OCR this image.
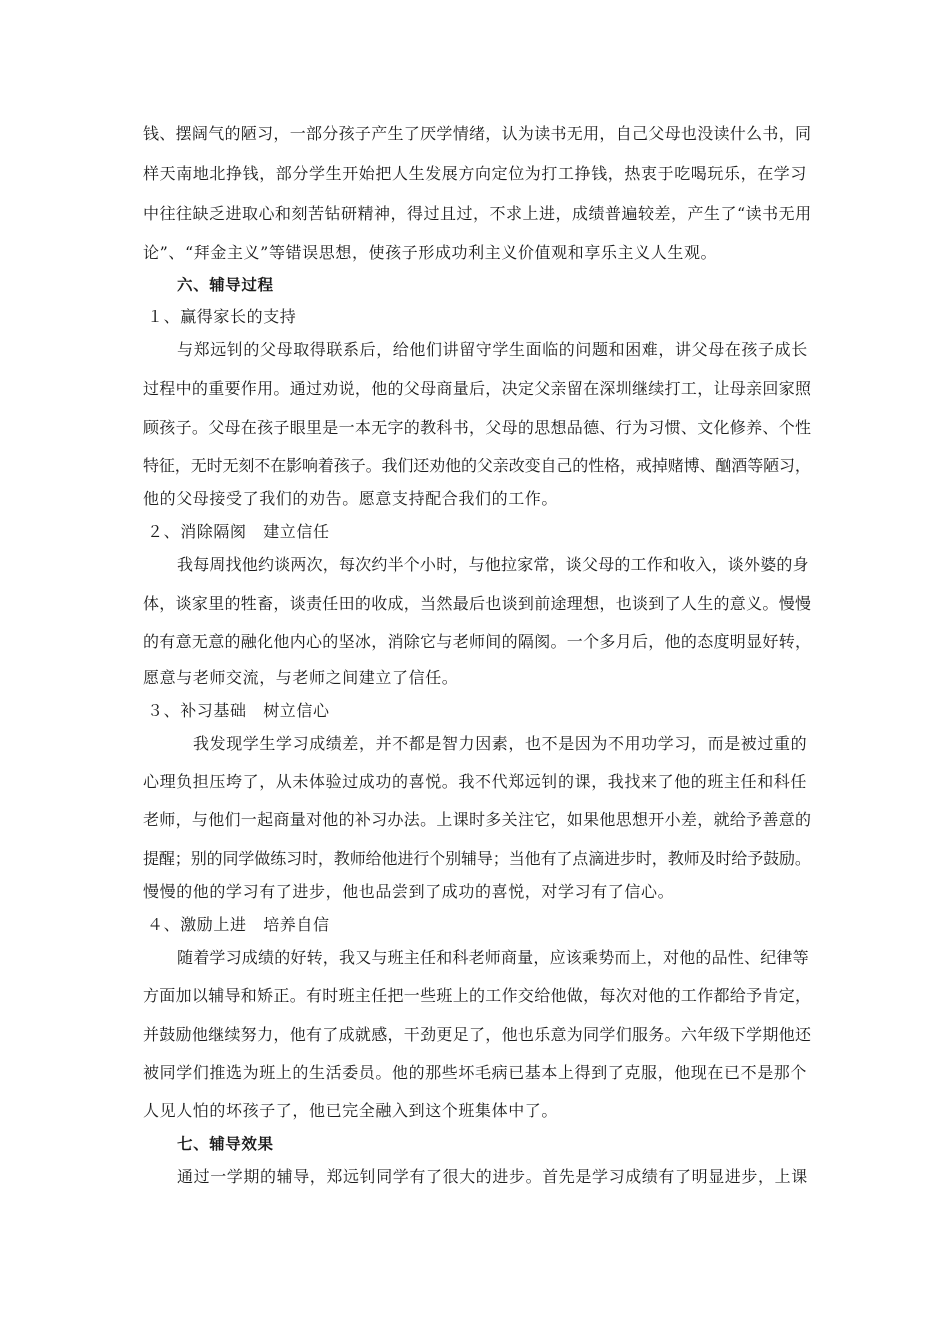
钱、摆阔气的陋习，一部分孩子产生了厌学情绪，认为读书无用，自己父母也没读什么书，同
样天南地北挣钱，部分学生开始把人生发展方向定位为打工挣钱，热衷于吃喝玩乐，在学习
中往往缺乏进取心和刻苦钻研精神，得过且过，不求上进，成绩普遍较差，产生了“读书无用
论”、“拜金主义”等错误思想，使孩子形成功利主义价值观和享乐主义人生观。
六、辅导过程
１、赢得家长的支持
与郑远钊的父母取得联系后，给他们讲留守学生面临的问题和困难，讲父母在孩子成长
过程中的重要作用。通过劝说，他的父母商量后，决定父亲留在深圳继续打工，让母亲回家照
顾孩子。父母在孩子眼里是一本无字的教科书，父母的思想品德、行为习惯、文化修养、个性
特征，无时无刻不在影响着孩子。我们还劝他的父亲改变自己的性格，戒掉赌博、酗酒等陋习，
他的父母接受了我们的劝告。愿意支持配合我们的工作。
２、消除隔阂　建立信任
我每周找他约谈两次，每次约半个小时，与他拉家常，谈父母的工作和收入，谈外婆的身
体，谈家里的牲畜，谈责任田的收成，当然最后也谈到前途理想，也谈到了人生的意义。慢慢
的有意无意的融化他内心的坚冰，消除它与老师间的隔阂。一个多月后，他的态度明显好转，
愿意与老师交流，与老师之间建立了信任。
３、补习基础　树立信心
我发现学生学习成绩差，并不都是智力因素，也不是因为不用功学习，而是被过重的
心理负担压垮了，从未体验过成功的喜悦。我不代郑远钊的课，我找来了他的班主任和科任
老师，与他们一起商量对他的补习办法。上课时多关注它，如果他思想开小差，就给予善意的
提醒；别的同学做练习时，教师给他进行个别辅导；当他有了点滴进步时，教师及时给予鼓励。
慢慢的他的学习有了进步，他也品尝到了成功的喜悦，对学习有了信心。
４、激励上进　培养自信
随着学习成绩的好转，我又与班主任和科老师商量，应该乘势而上，对他的品性、纪律等
方面加以辅导和矫正。有时班主任把一些班上的工作交给他做，每次对他的工作都给予肯定，
并鼓励他继续努力，他有了成就感，干劲更足了，他也乐意为同学们服务。六年级下学期他还
被同学们推选为班上的生活委员。他的那些坏毛病已基本上得到了克服，他现在已不是那个
人见人怕的坏孩子了，他已完全融入到这个班集体中了。
七、辅导效果
通过一学期的辅导，郑远钊同学有了很大的进步。首先是学习成绩有了明显进步，上课
